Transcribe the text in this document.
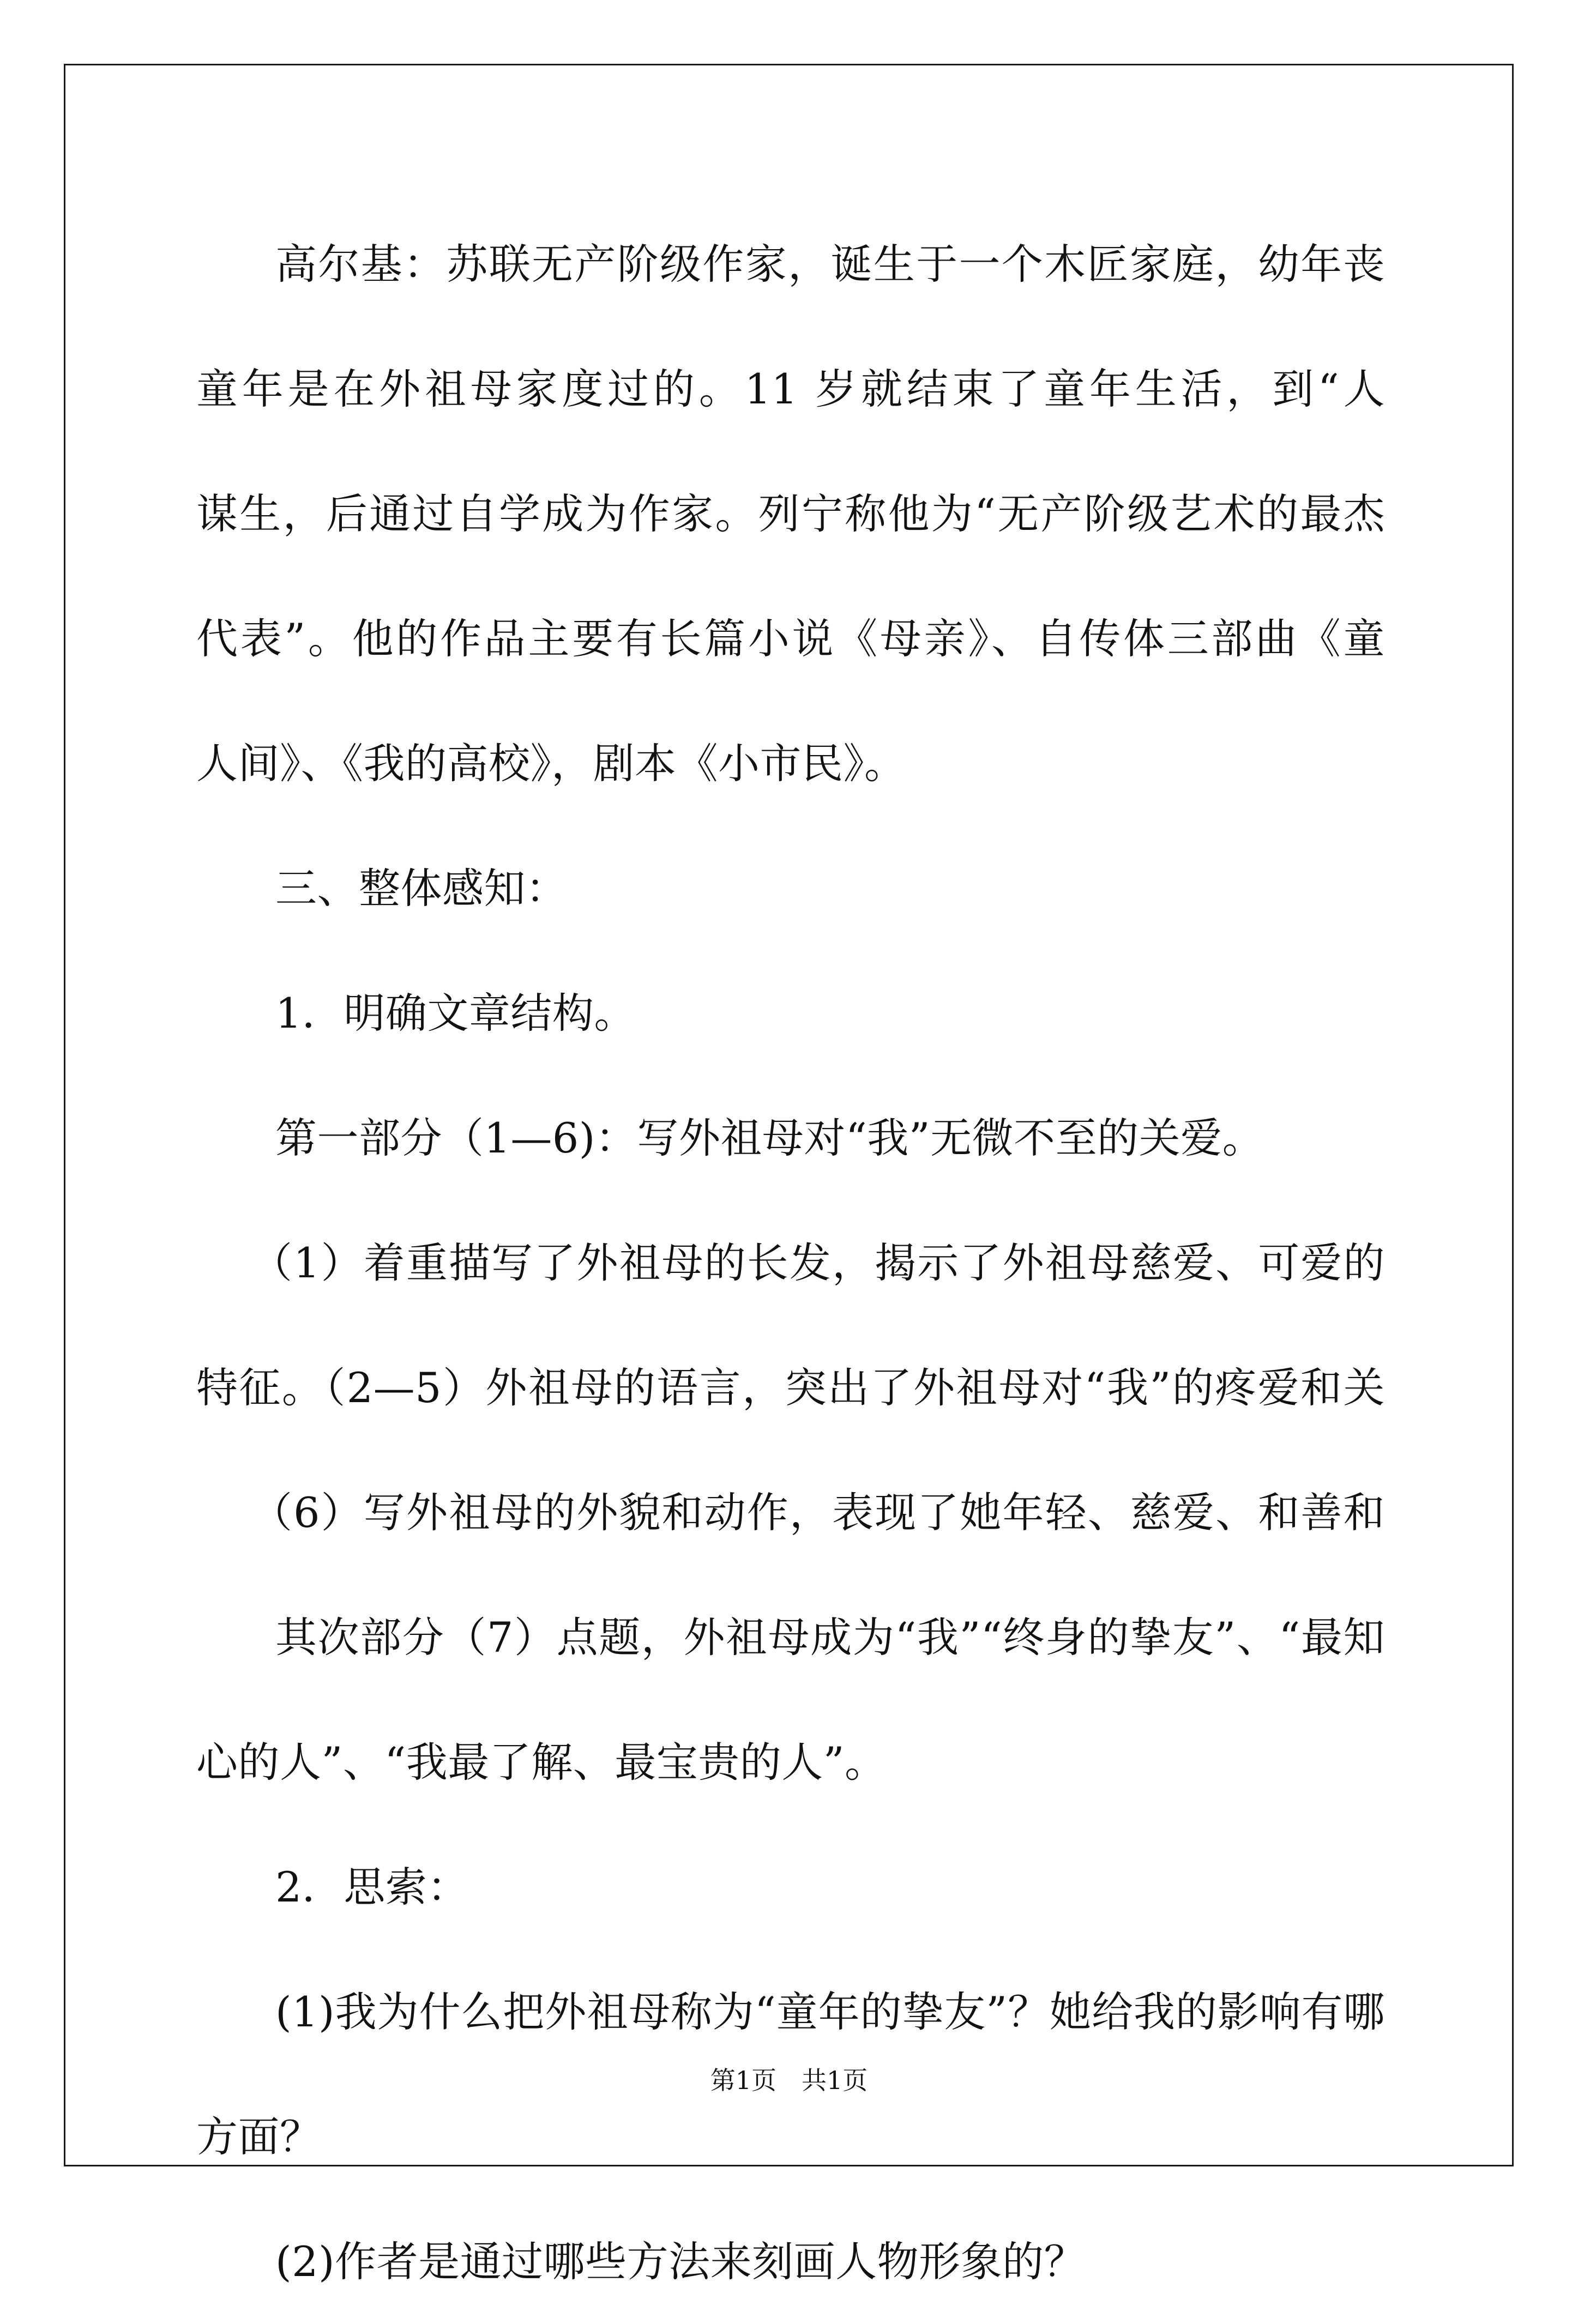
高尔基：苏联无产阶级作家，诞生于一个木匠家庭，幼年丧
童年是在外祖母家度过的。11 岁就结束了童年生活，到“人
谋生，后通过自学成为作家。列宁称他为“无产阶级艺术的最杰
代表”。他的作品主要有长篇小说《母亲》、自传体三部曲《童
人间》、《我的高校》，剧本《小市民》。
三、整体感知：
1．明确文章结构。
第一部分（1—6)：写外祖母对“我”无微不至的关爱。
（1）着重描写了外祖母的长发，揭示了外祖母慈爱、可爱的
特征。（2—5）外祖母的语言，突出了外祖母对“我”的疼爱和关
（6）写外祖母的外貌和动作，表现了她年轻、慈爱、和善和
其次部分（7）点题，外祖母成为“我”“终身的挚友”、“最知
心的人”、“我最了解、最宝贵的人”。
2．思索：
(1)我为什么把外祖母称为“童年的挚友”？她给我的影响有哪
方面？
(2)作者是通过哪些方法来刻画人物形象的？
第1页　共1页
